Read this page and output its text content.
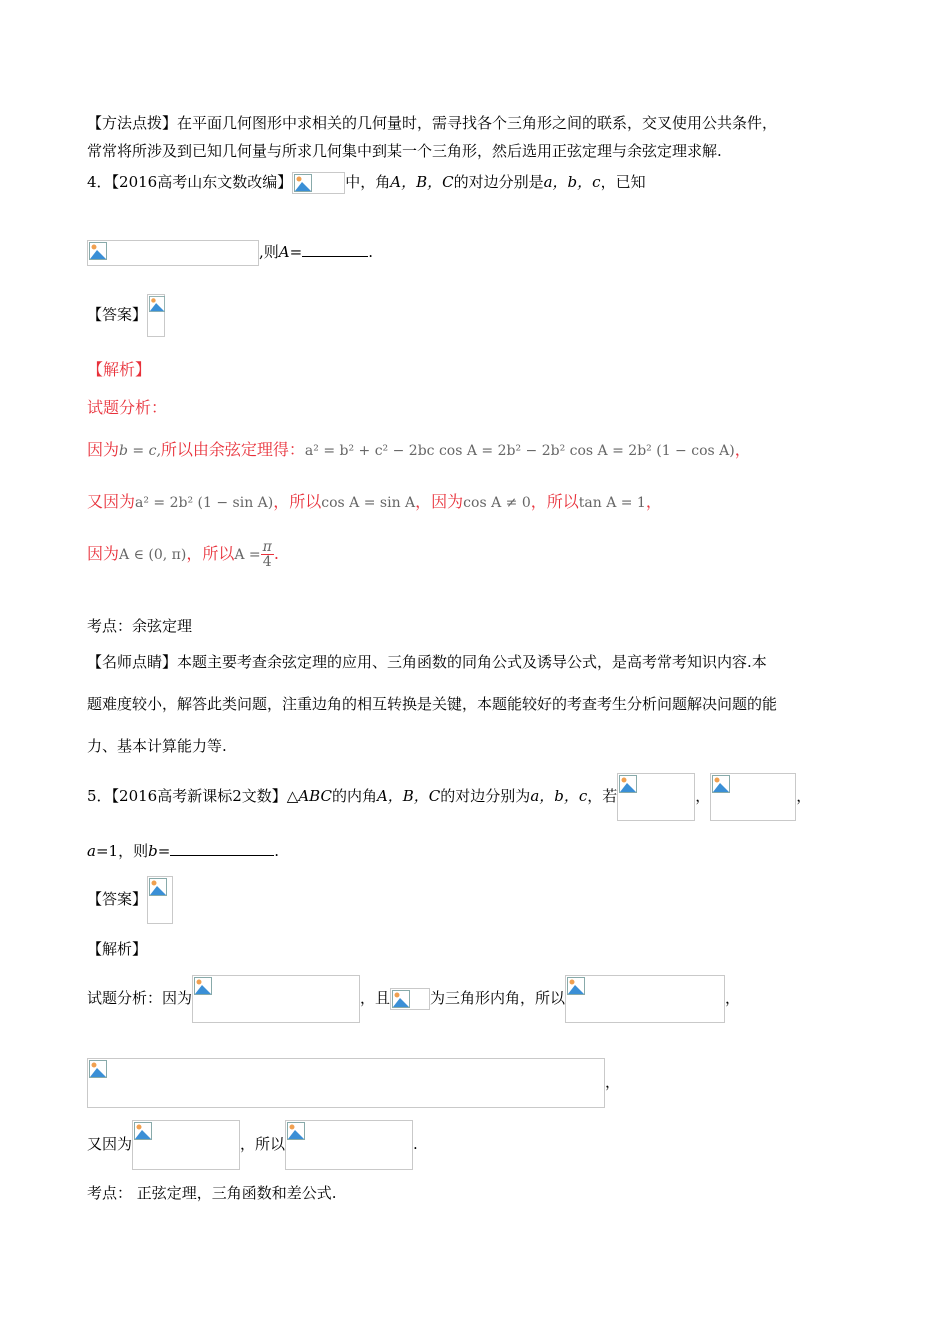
【方法点拨】在平面几何图形中求相关的几何量时，需寻找各个三角形之间的联系，交叉使用公共条件，
常常将所涉及到已知几何量与所求几何集中到某一个三角形，然后选用正弦定理与余弦定理求解.
4．【2016高考山东文数改编】	中，角A，B，C的对边分别是a，b，c，已知
,则A=	.
【答案】
【解析】
试题分析：
因为b = c,所以由余弦定理得：a² = b² + c² − 2bc cos A = 2b² − 2b² cos A = 2b² (1 − cos A)，
又因为a² = 2b² (1 − sin A)，所以cos A = sin A，因为cos A ≠ 0，所以tan A = 1，
因为A ∈ (0, π)，所以$A = \frac{\pi}{4}$ .
考点：余弦定理
【名师点睛】本题主要考查余弦定理的应用、三角函数的同角公式及诱导公式，是高考常考知识内容.本
题难度较小，解答此类问题，注重边角的相互转换是关键，本题能较好的考查考生分析问题解决问题的能
力、基本计算能力等.
5．【2016高考新课标2文数】△ABC的内角A，B，C的对边分别为a，b，c，若	，	，
a=1，则b=	.
【答案】
【解析】
试题分析：因为	，且	为三角形内角，所以	，
，
又因为	，所以	.
考点： 正弦定理，三角函数和差公式.
